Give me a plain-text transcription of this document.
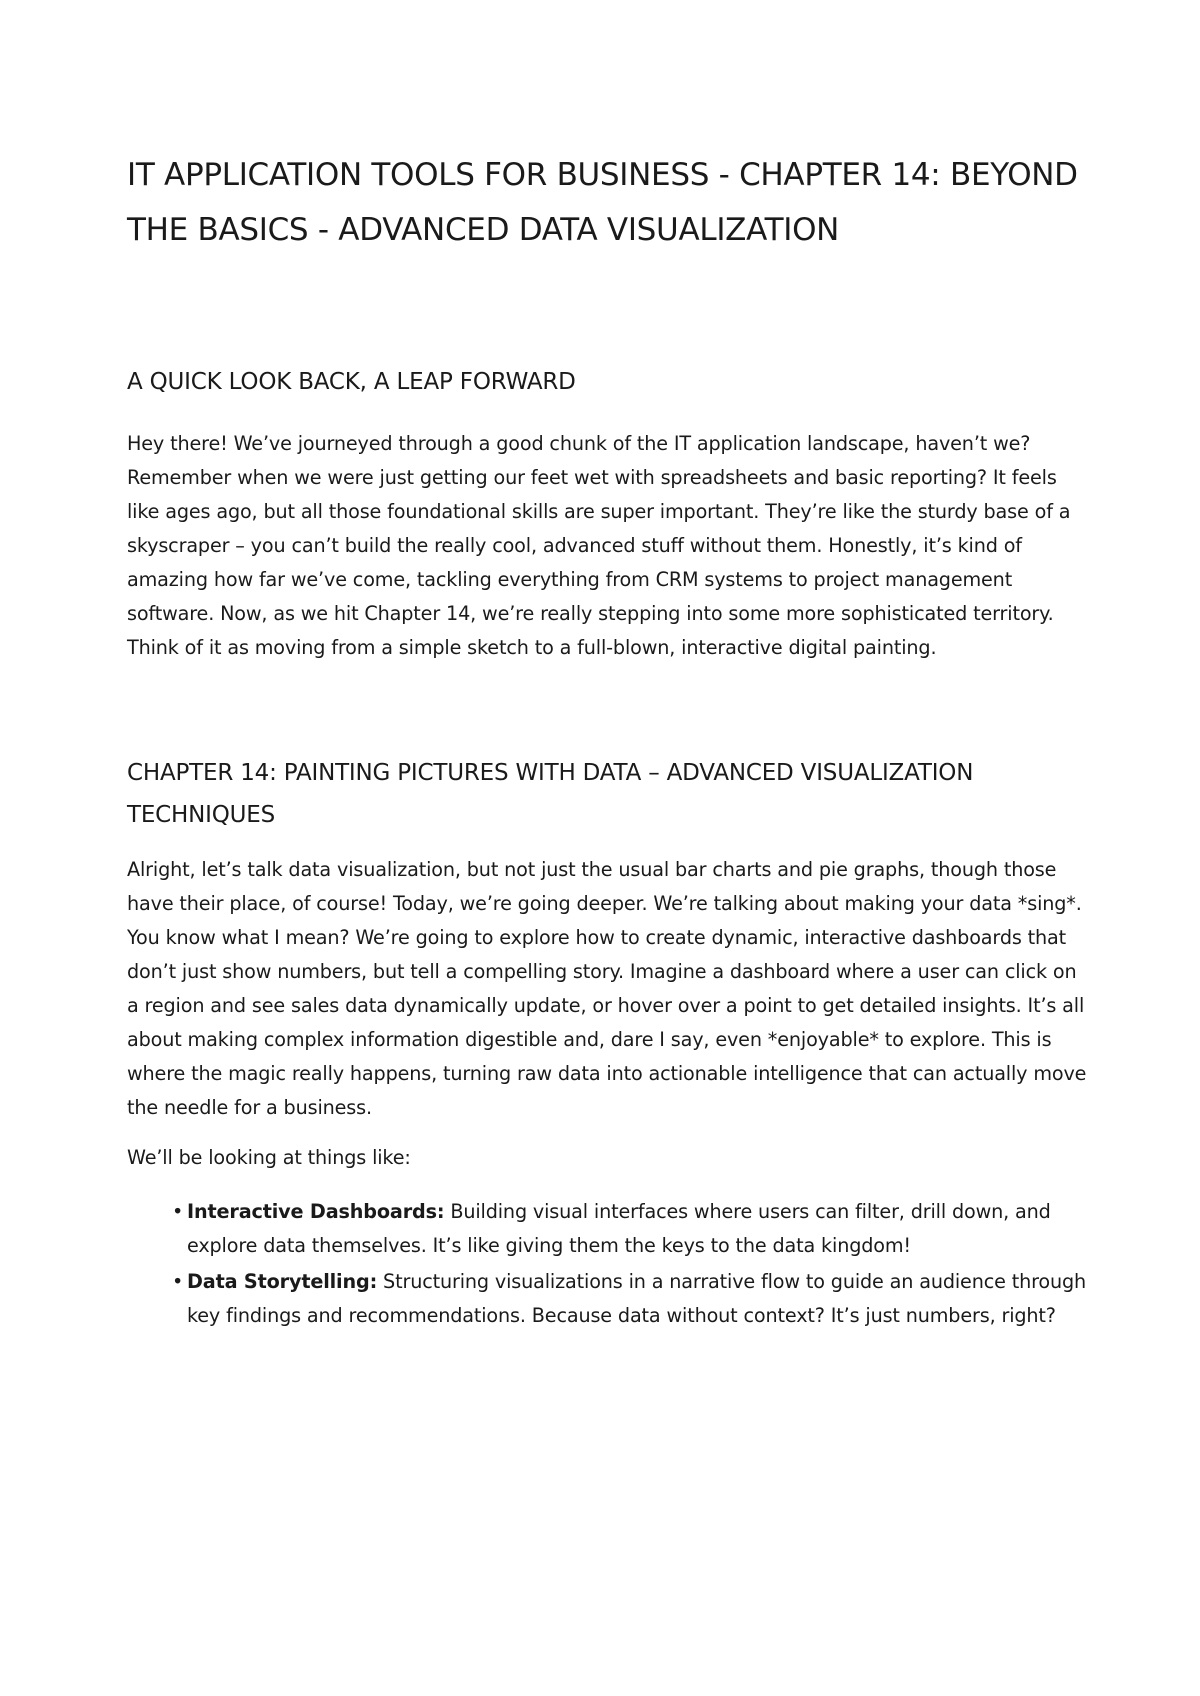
IT APPLICATION TOOLS FOR BUSINESS - CHAPTER 14: BEYOND THE BASICS - ADVANCED DATA VISUALIZATION
A QUICK LOOK BACK, A LEAP FORWARD

Hey there! We’ve journeyed through a good chunk of the IT application landscape, haven’t we? Remember when we were just getting our feet wet with spreadsheets and basic reporting? It feels like ages ago, but all those foundational skills are super important. They’re like the sturdy base of a skyscraper – you can’t build the really cool, advanced stuff without them. Honestly, it’s kind of amazing how far we’ve come, tackling everything from CRM systems to project management software. Now, as we hit Chapter 14, we’re really stepping into some more sophisticated territory. Think of it as moving from a simple sketch to a full-blown, interactive digital painting.

CHAPTER 14: PAINTING PICTURES WITH DATA – ADVANCED VISUALIZATION TECHNIQUES

Alright, let’s talk data visualization, but not just the usual bar charts and pie graphs, though those have their place, of course! Today, we’re going deeper. We’re talking about making your data *sing*. You know what I mean? We’re going to explore how to create dynamic, interactive dashboards that don’t just show numbers, but tell a compelling story. Imagine a dashboard where a user can click on a region and see sales data dynamically update, or hover over a point to get detailed insights. It’s all about making complex information digestible and, dare I say, even *enjoyable* to explore. This is where the magic really happens, turning raw data into actionable intelligence that can actually move the needle for a business.

We’ll be looking at things like:

• Interactive Dashboards: Building visual interfaces where users can filter, drill down, and explore data themselves. It’s like giving them the keys to the data kingdom!
• Data Storytelling: Structuring visualizations in a narrative flow to guide an audience through key findings and recommendations. Because data without context? It’s just numbers, right?
